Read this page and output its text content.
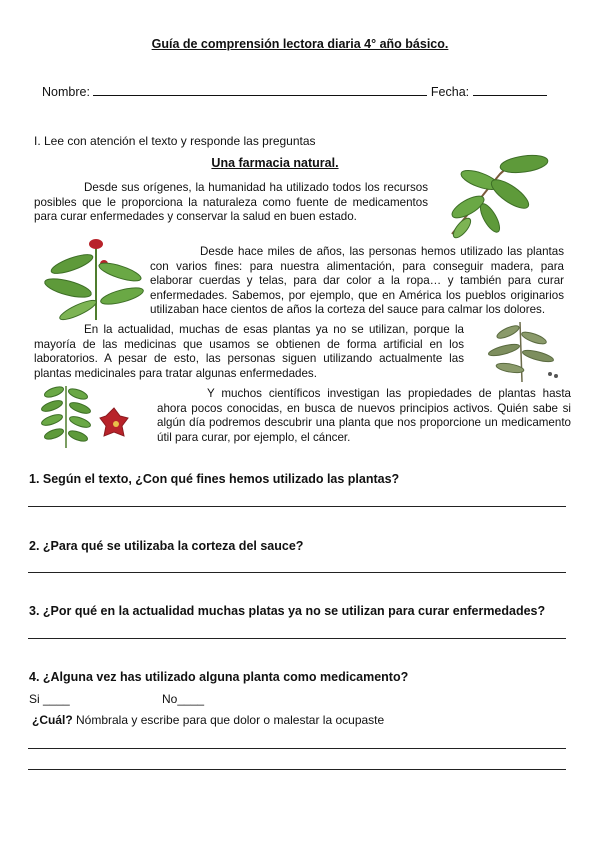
Guía de comprensión lectora diaria 4° año básico.
Nombre:	Fecha:
I. Lee con atención el texto y responde las preguntas
Una farmacia natural.

Desde sus orígenes, la humanidad ha utilizado todos los recursos posibles que le proporciona la naturaleza como fuente de medicamentos para curar enfermedades y conservar la salud en buen estado.

Desde hace miles de años, las personas hemos utilizado las plantas con varios fines: para nuestra alimentación, para conseguir madera, para elaborar cuerdas y telas, para dar color a la ropa… y también para curar enfermedades. Sabemos, por ejemplo, que en América los pueblos originarios utilizaban hace cientos de años la corteza del sauce para calmar los dolores.

En la actualidad, muchas de esas plantas ya no se utilizan, porque la mayoría de las medicinas que usamos se obtienen de forma artificial en los laboratorios. A pesar de esto, las personas siguen utilizando actualmente las plantas medicinales para tratar algunas enfermedades.

Y muchos científicos investigan las propiedades de plantas hasta ahora pocos conocidas, en busca de nuevos principios activos. Quién sabe si algún día podremos descubrir una planta que nos proporcione un medicamento útil para curar, por ejemplo, el cáncer.

1. Según el texto, ¿Con qué fines hemos utilizado las plantas?
2. ¿Para qué se utilizaba la corteza del sauce?
3. ¿Por qué en la actualidad muchas platas ya no se utilizan para curar enfermedades?
4. ¿Alguna vez has utilizado alguna planta como medicamento?
Si ____	No____
¿Cuál? Nómbrala y escribe para que dolor o malestar la ocupaste
